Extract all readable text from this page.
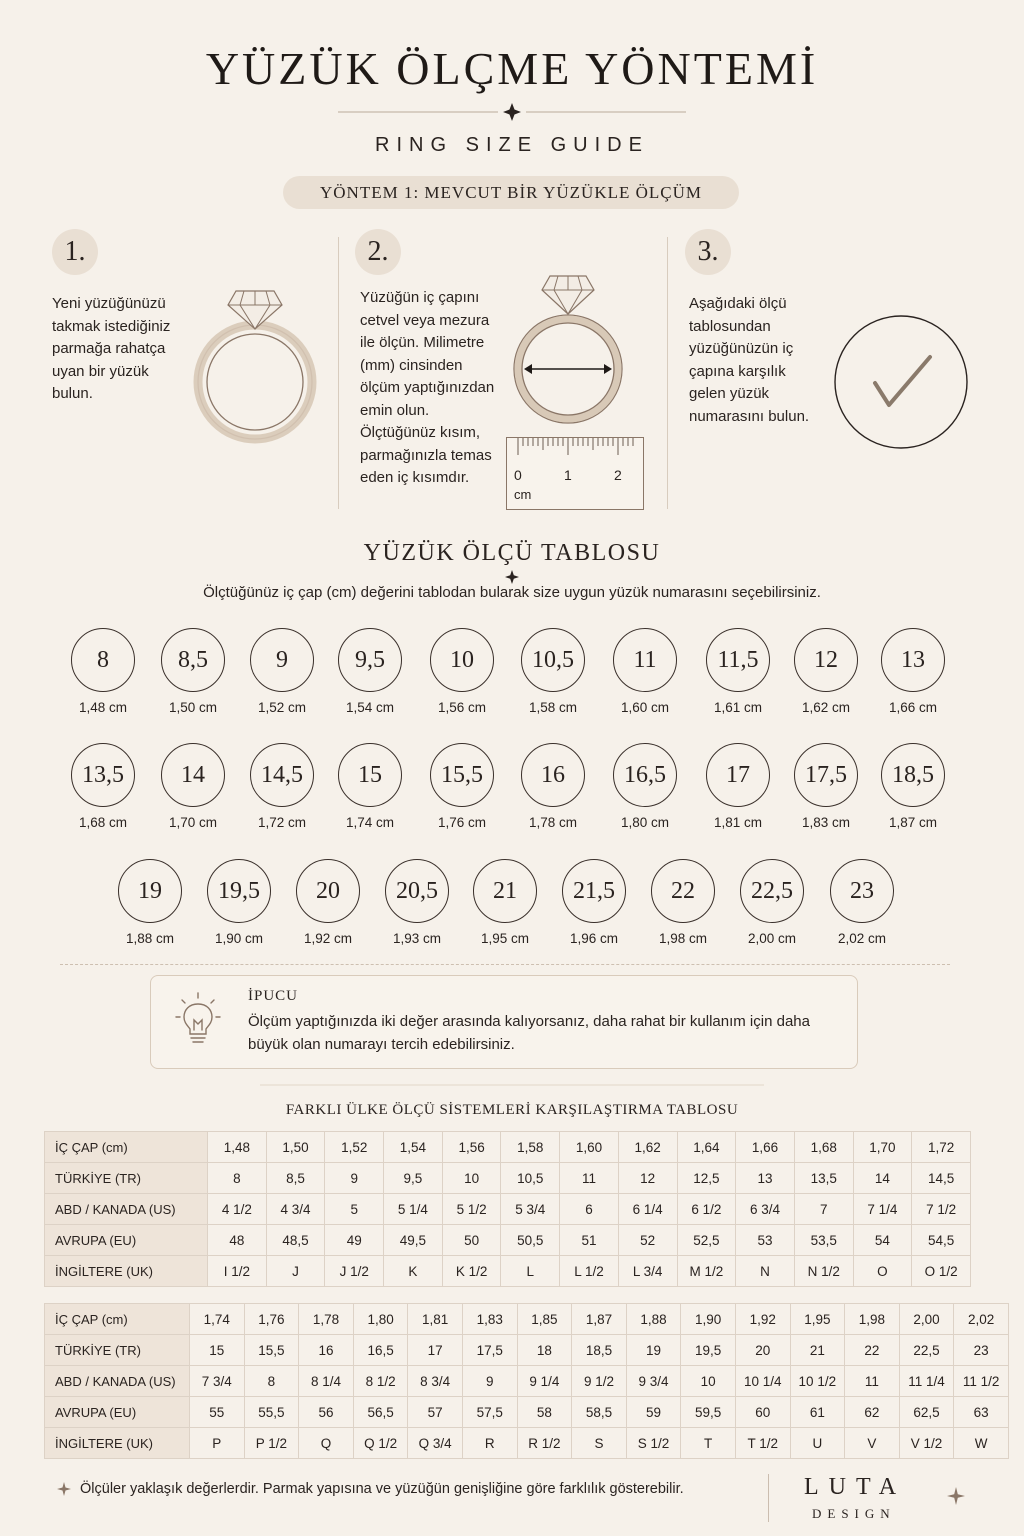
YÜZÜK ÖLÇME YÖNTEMİ
RING SIZE GUIDE
YÖNTEM 1: MEVCUT BİR YÜZÜKLE ÖLÇÜM
1.
Yeni yüzüğünüzü takmak istediğiniz parmağa rahatça uyan bir yüzük bulun.
2.
Yüzüğün iç çapını cetvel veya mezura ile ölçün. Milimetre (mm) cinsinden ölçüm yaptığınızdan emin olun. Ölçtüğünüz kısım, parmağınızla temas eden iç kısımdır.	0	1	2
cm
3.
Aşağıdaki ölçü tablosundan yüzüğünüzün iç çapına karşılık gelen yüzük numarasını bulun.
YÜZÜK ÖLÇÜ TABLOSU
Ölçtüğünüz iç çap (cm) değerini tablodan bularak size uygun yüzük numarasını seçebilirsiniz.
8
1,48 cm
8,5
1,50 cm
9
1,52 cm
9,5
1,54 cm
10
1,56 cm
10,5
1,58 cm
11
1,60 cm
11,5
1,61 cm
12
1,62 cm
13
1,66 cm
13,5
1,68 cm
14
1,70 cm
14,5
1,72 cm
15
1,74 cm
15,5
1,76 cm
16
1,78 cm
16,5
1,80 cm
17
1,81 cm
17,5
1,83 cm
18,5
1,87 cm
19
1,88 cm
19,5
1,90 cm
20
1,92 cm
20,5
1,93 cm
21
1,95 cm
21,5
1,96 cm
22
1,98 cm
22,5
2,00 cm
23
2,02 cm
İPUCU
Ölçüm yaptığınızda iki değer arasında kalıyorsanız, daha rahat bir kullanım için daha büyük olan numarayı tercih edebilirsiniz.
FARKLI ÜLKE ÖLÇÜ SİSTEMLERİ KARŞILAŞTIRMA TABLOSU
İÇ ÇAP (cm)	1,48	1,50	1,52	1,54	1,56	1,58	1,60	1,62	1,64	1,66	1,68	1,70	1,72
TÜRKİYE (TR)	8	8,5	9	9,5	10	10,5	11	12	12,5	13	13,5	14	14,5
ABD / KANADA (US)	4 1/2	4 3/4	5	5 1/4	5 1/2	5 3/4	6	6 1/4	6 1/2	6 3/4	7	7 1/4	7 1/2
AVRUPA (EU)	48	48,5	49	49,5	50	50,5	51	52	52,5	53	53,5	54	54,5
İNGİLTERE (UK)	I 1/2	J	J 1/2	K	K 1/2	L	L 1/2	L 3/4	M 1/2	N	N 1/2	O	O 1/2
İÇ ÇAP (cm)	1,74	1,76	1,78	1,80	1,81	1,83	1,85	1,87	1,88	1,90	1,92	1,95	1,98	2,00	2,02
TÜRKİYE (TR)	15	15,5	16	16,5	17	17,5	18	18,5	19	19,5	20	21	22	22,5	23
ABD / KANADA (US)	7 3/4	8	8 1/4	8 1/2	8 3/4	9	9 1/4	9 1/2	9 3/4	10	10 1/4	10 1/2	11	11 1/4	11 1/2
AVRUPA (EU)	55	55,5	56	56,5	57	57,5	58	58,5	59	59,5	60	61	62	62,5	63
İNGİLTERE (UK)	P	P 1/2	Q	Q 1/2	Q 3/4	R	R 1/2	S	S 1/2	T	T 1/2	U	V	V 1/2	W
Ölçüler yaklaşık değerlerdir. Parmak yapısına ve yüzüğün genişliğine göre farklılık gösterebilir.	LUTA
DESIGN
